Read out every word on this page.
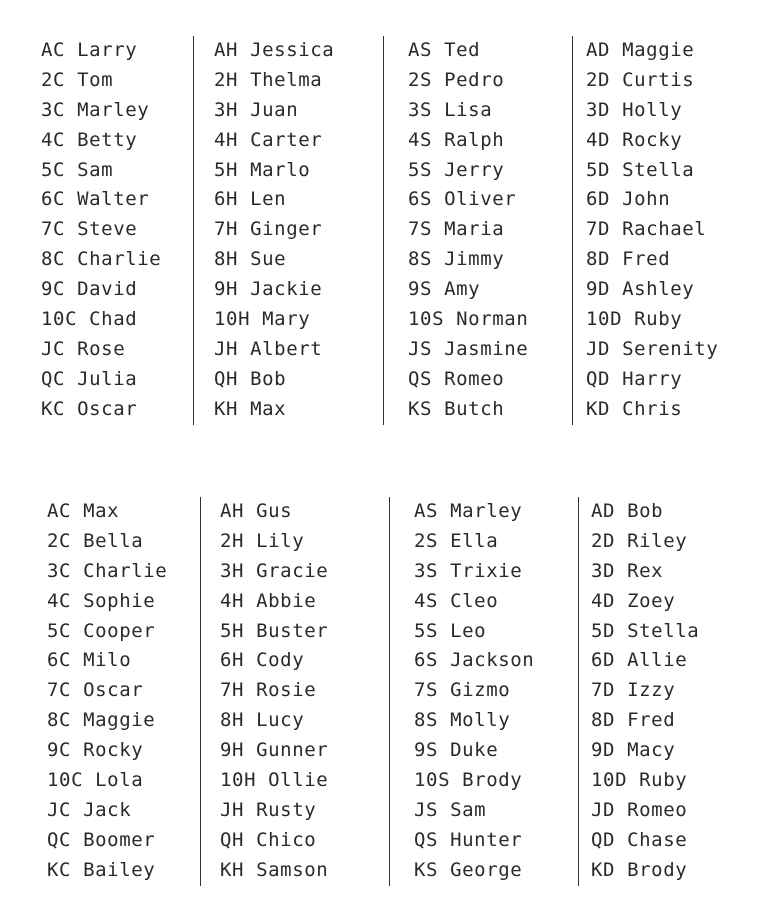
AC Larry
2C Tom
3C Marley
4C Betty
5C Sam
6C Walter
7C Steve
8C Charlie
9C David
10C Chad
JC Rose
QC Julia
KC Oscar
AH Jessica
2H Thelma
3H Juan
4H Carter
5H Marlo
6H Len
7H Ginger
8H Sue
9H Jackie
10H Mary
JH Albert
QH Bob
KH Max
AS Ted
2S Pedro
3S Lisa
4S Ralph
5S Jerry
6S Oliver
7S Maria
8S Jimmy
9S Amy
10S Norman
JS Jasmine
QS Romeo
KS Butch
AD Maggie
2D Curtis
3D Holly
4D Rocky
5D Stella
6D John
7D Rachael
8D Fred
9D Ashley
10D Ruby
JD Serenity
QD Harry
KD Chris
AC Max
2C Bella
3C Charlie
4C Sophie
5C Cooper
6C Milo
7C Oscar
8C Maggie
9C Rocky
10C Lola
JC Jack
QC Boomer
KC Bailey
AH Gus
2H Lily
3H Gracie
4H Abbie
5H Buster
6H Cody
7H Rosie
8H Lucy
9H Gunner
10H Ollie
JH Rusty
QH Chico
KH Samson
AS Marley
2S Ella
3S Trixie
4S Cleo
5S Leo
6S Jackson
7S Gizmo
8S Molly
9S Duke
10S Brody
JS Sam
QS Hunter
KS George
AD Bob
2D Riley
3D Rex
4D Zoey
5D Stella
6D Allie
7D Izzy
8D Fred
9D Macy
10D Ruby
JD Romeo
QD Chase
KD Brody
